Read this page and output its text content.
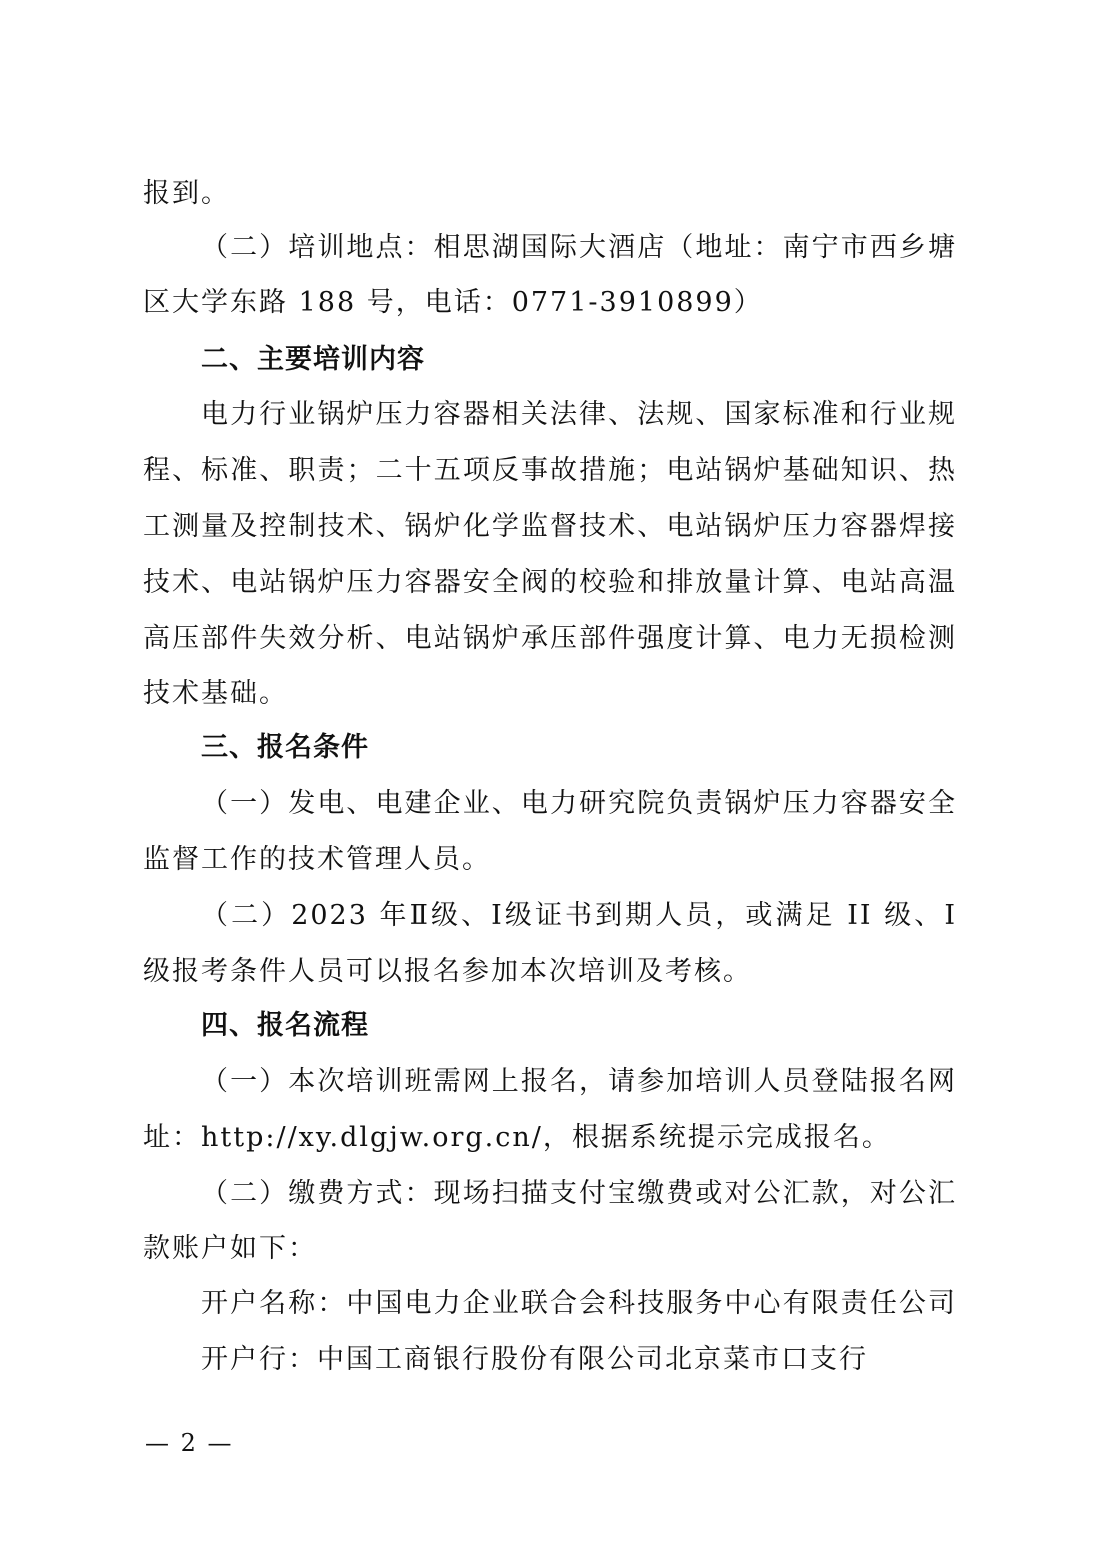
报到。
（二）培训地点：相思湖国际大酒店（地址：南宁市西乡塘
区大学东路 188 号，电话：0771-3910899）
二、主要培训内容
电力行业锅炉压力容器相关法律、法规、国家标准和行业规
程、标准、职责；二十五项反事故措施；电站锅炉基础知识、热
工测量及控制技术、锅炉化学监督技术、电站锅炉压力容器焊接
技术、电站锅炉压力容器安全阀的校验和排放量计算、电站高温
高压部件失效分析、电站锅炉承压部件强度计算、电力无损检测
技术基础。
三、报名条件
（一）发电、电建企业、电力研究院负责锅炉压力容器安全
监督工作的技术管理人员。
（二）2023 年Ⅱ级、Ⅰ级证书到期人员，或满足 II 级、I
级报考条件人员可以报名参加本次培训及考核。
四、报名流程
（一）本次培训班需网上报名，请参加培训人员登陆报名网
址：http://xy.dlgjw.org.cn/，根据系统提示完成报名。
（二）缴费方式：现场扫描支付宝缴费或对公汇款，对公汇
款账户如下：
开户名称：中国电力企业联合会科技服务中心有限责任公司
开户行：中国工商银行股份有限公司北京菜市口支行
— 2 —
